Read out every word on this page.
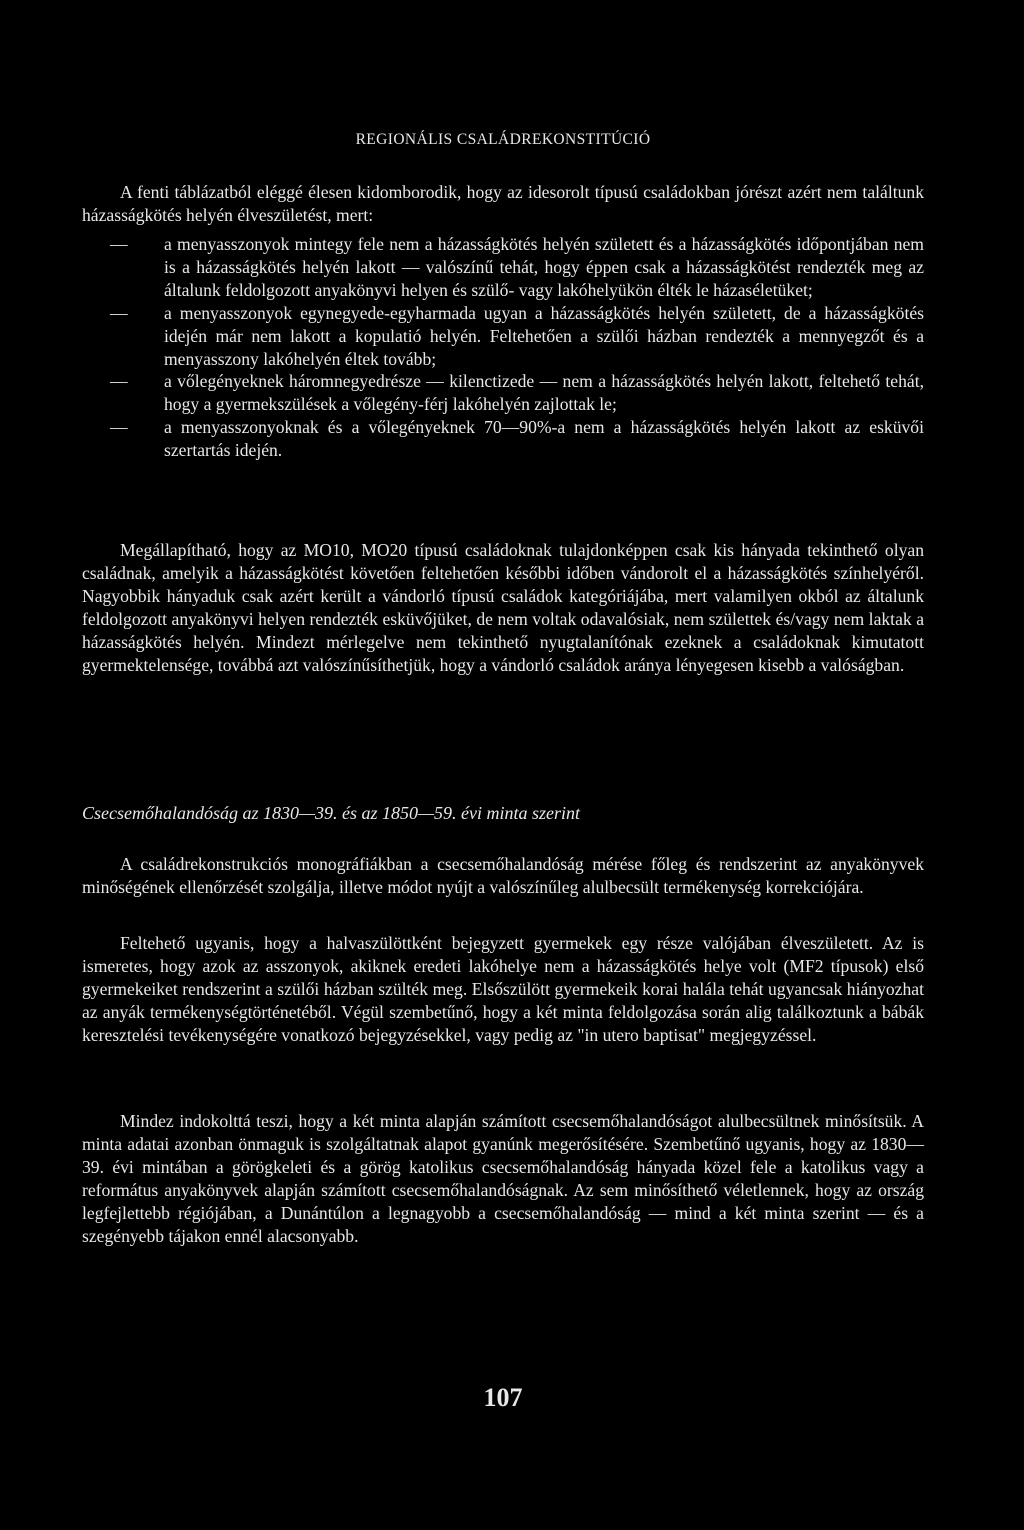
REGIONÁLIS CSALÁDREKONSTITÚCIÓ
A fenti táblázatból eléggé élesen kidomborodik, hogy az idesorolt típusú családokban jórészt azért nem találtunk házasságkötés helyén élveszületést, mert:
— a menyasszonyok mintegy fele nem a házasságkötés helyén született és a házasságkötés időpontjában nem is a házasságkötés helyén lakott — valószínű tehát, hogy éppen csak a házasságkötést rendezték meg az általunk feldolgozott anyakönyvi helyen és szülő- vagy lakóhelyükön élték le házaséletüket;
— a menyasszonyok egynegyede-egyharmada ugyan a házasságkötés helyén született, de a házasságkötés idején már nem lakott a kopulatió helyén. Feltehetően a szülői házban rendezték a mennyegzőt és a menyasszony lakóhelyén éltek tovább;
— a vőlegényeknek háromnegyedrésze — kilenctizede — nem a házasságkötés helyén lakott, feltehető tehát, hogy a gyermekszülések a vőlegény-férj lakóhelyén zajlottak le;
— a menyasszonyoknak és a vőlegényeknek 70—90%-a nem a házasságkötés helyén lakott az esküvői szertartás idején.
Megállapítható, hogy az MO10, MO20 típusú családoknak tulajdonképpen csak kis hányada tekinthető olyan családnak, amelyik a házasságkötést követően feltehetően későbbi időben vándorolt el a házasságkötés színhelyéről. Nagyobbik hányaduk csak azért került a vándorló típusú családok kategóriájába, mert valamilyen okból az általunk feldolgozott anyakönyvi helyen rendezték esküvőjüket, de nem voltak odavalósiak, nem születtek és/vagy nem laktak a házasságkötés helyén. Mindezt mérlegelve nem tekinthető nyugtalanítónak ezeknek a családoknak kimutatott gyermektelensége, továbbá azt valószínűsíthetjük, hogy a vándorló családok aránya lényegesen kisebb a valóságban.
Csecsemőhalandóság az 1830—39. és az 1850—59. évi minta szerint
A családrekonstrukciós monográfiákban a csecsemőhalandóság mérése főleg és rendszerint az anyakönyvek minőségének ellenőrzését szolgálja, illetve módot nyújt a valószínűleg alulbecsült termékenység korrekciójára.
Feltehető ugyanis, hogy a halvaszülöttként bejegyzett gyermekek egy része valójában élveszületett. Az is ismeretes, hogy azok az asszonyok, akiknek eredeti lakóhelye nem a házasságkötés helye volt (MF2 típusok) első gyermekeiket rendszerint a szülői házban szülték meg. Elsőszülött gyermekeik korai halála tehát ugyancsak hiányozhat az anyák termékenységtörténetéből. Végül szembetűnő, hogy a két minta feldolgozása során alig találkoztunk a bábák keresztelési tevékenységére vonatkozó bejegyzésekkel, vagy pedig az "in utero baptisat" megjegyzéssel.
Mindez indokolttá teszi, hogy a két minta alapján számított csecsemőhalandóságot alulbecsültnek minősítsük. A minta adatai azonban önmaguk is szolgáltatnak alapot gyanúnk megerősítésére. Szembetűnő ugyanis, hogy az 1830—39. évi mintában a görögkeleti és a görög katolikus csecsemőhalandóság hányada közel fele a katolikus vagy a református anyakönyvek alapján számított csecsemőhalandóságnak. Az sem minősíthető véletlennek, hogy az ország legfejlettebb régiójában, a Dunántúlon a legnagyobb a csecsemőhalandóság — mind a két minta szerint — és a szegényebb tájakon ennél alacsonyabb.
107
